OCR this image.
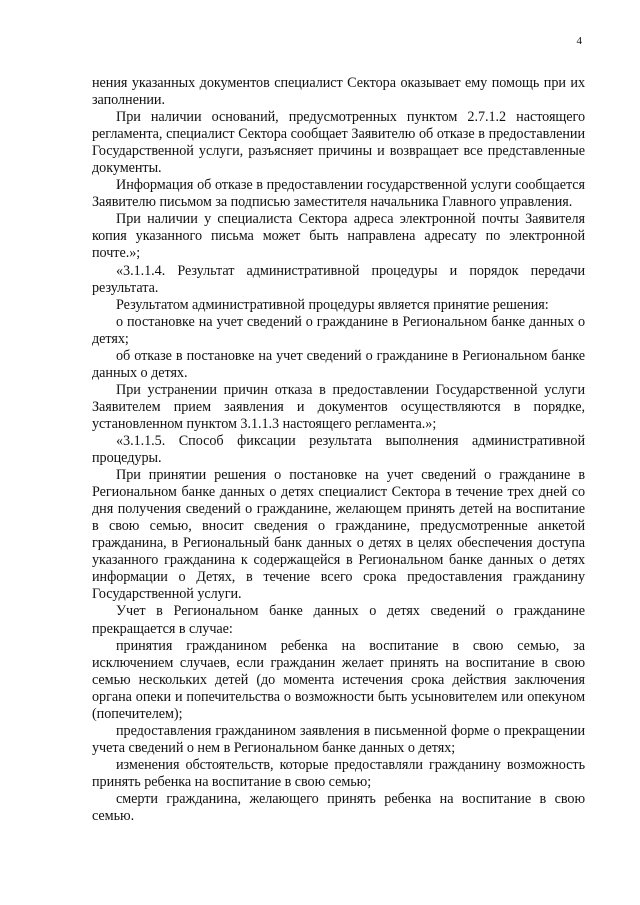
4

нения указанных документов специалист Сектора оказывает ему помощь при их заполнении.

При наличии оснований, предусмотренных пунктом 2.7.1.2 настоящего регламента, специалист Сектора сообщает Заявителю об отказе в предоставлении Государственной услуги, разъясняет причины и возвращает все представленные документы.

Информация об отказе в предоставлении государственной услуги сообщается Заявителю письмом за подписью заместителя начальника Главного управления.

При наличии у специалиста Сектора адреса электронной почты Заявителя копия указанного письма может быть направлена адресату по электронной почте.»;

«3.1.1.4. Результат административной процедуры и порядок передачи результата.

Результатом административной процедуры является принятие решения:

о постановке на учет сведений о гражданине в Региональном банке данных о детях;

об отказе в постановке на учет сведений о гражданине в Региональном банке данных о детях.

При устранении причин отказа в предоставлении Государственной услуги Заявителем прием заявления и документов осуществляются в порядке, установленном пунктом 3.1.1.3 настоящего регламента.»;

«3.1.1.5. Способ фиксации результата выполнения административной процедуры.

При принятии решения о постановке на учет сведений о гражданине в Региональном банке данных о детях специалист Сектора в течение трех дней со дня получения сведений о гражданине, желающем принять детей на воспитание в свою семью, вносит сведения о гражданине, предусмотренные анкетой гражданина, в Региональный банк данных о детях в целях обеспечения доступа указанного гражданина к содержащейся в Региональном банке данных о детях информации о Детях, в течение всего срока предоставления гражданину Государственной услуги.

Учет в Региональном банке данных о детях сведений о гражданине прекращается в случае:

принятия гражданином ребенка на воспитание в свою семью, за исключением случаев, если гражданин желает принять на воспитание в свою семью нескольких детей (до момента истечения срока действия заключения органа опеки и попечительства о возможности быть усыновителем или опекуном (попечителем);

предоставления гражданином заявления в письменной форме о прекращении учета сведений о нем в Региональном банке данных о детях;

изменения обстоятельств, которые предоставляли гражданину возможность принять ребенка на воспитание в свою семью;

смерти гражданина, желающего принять ребенка на воспитание в свою семью.
